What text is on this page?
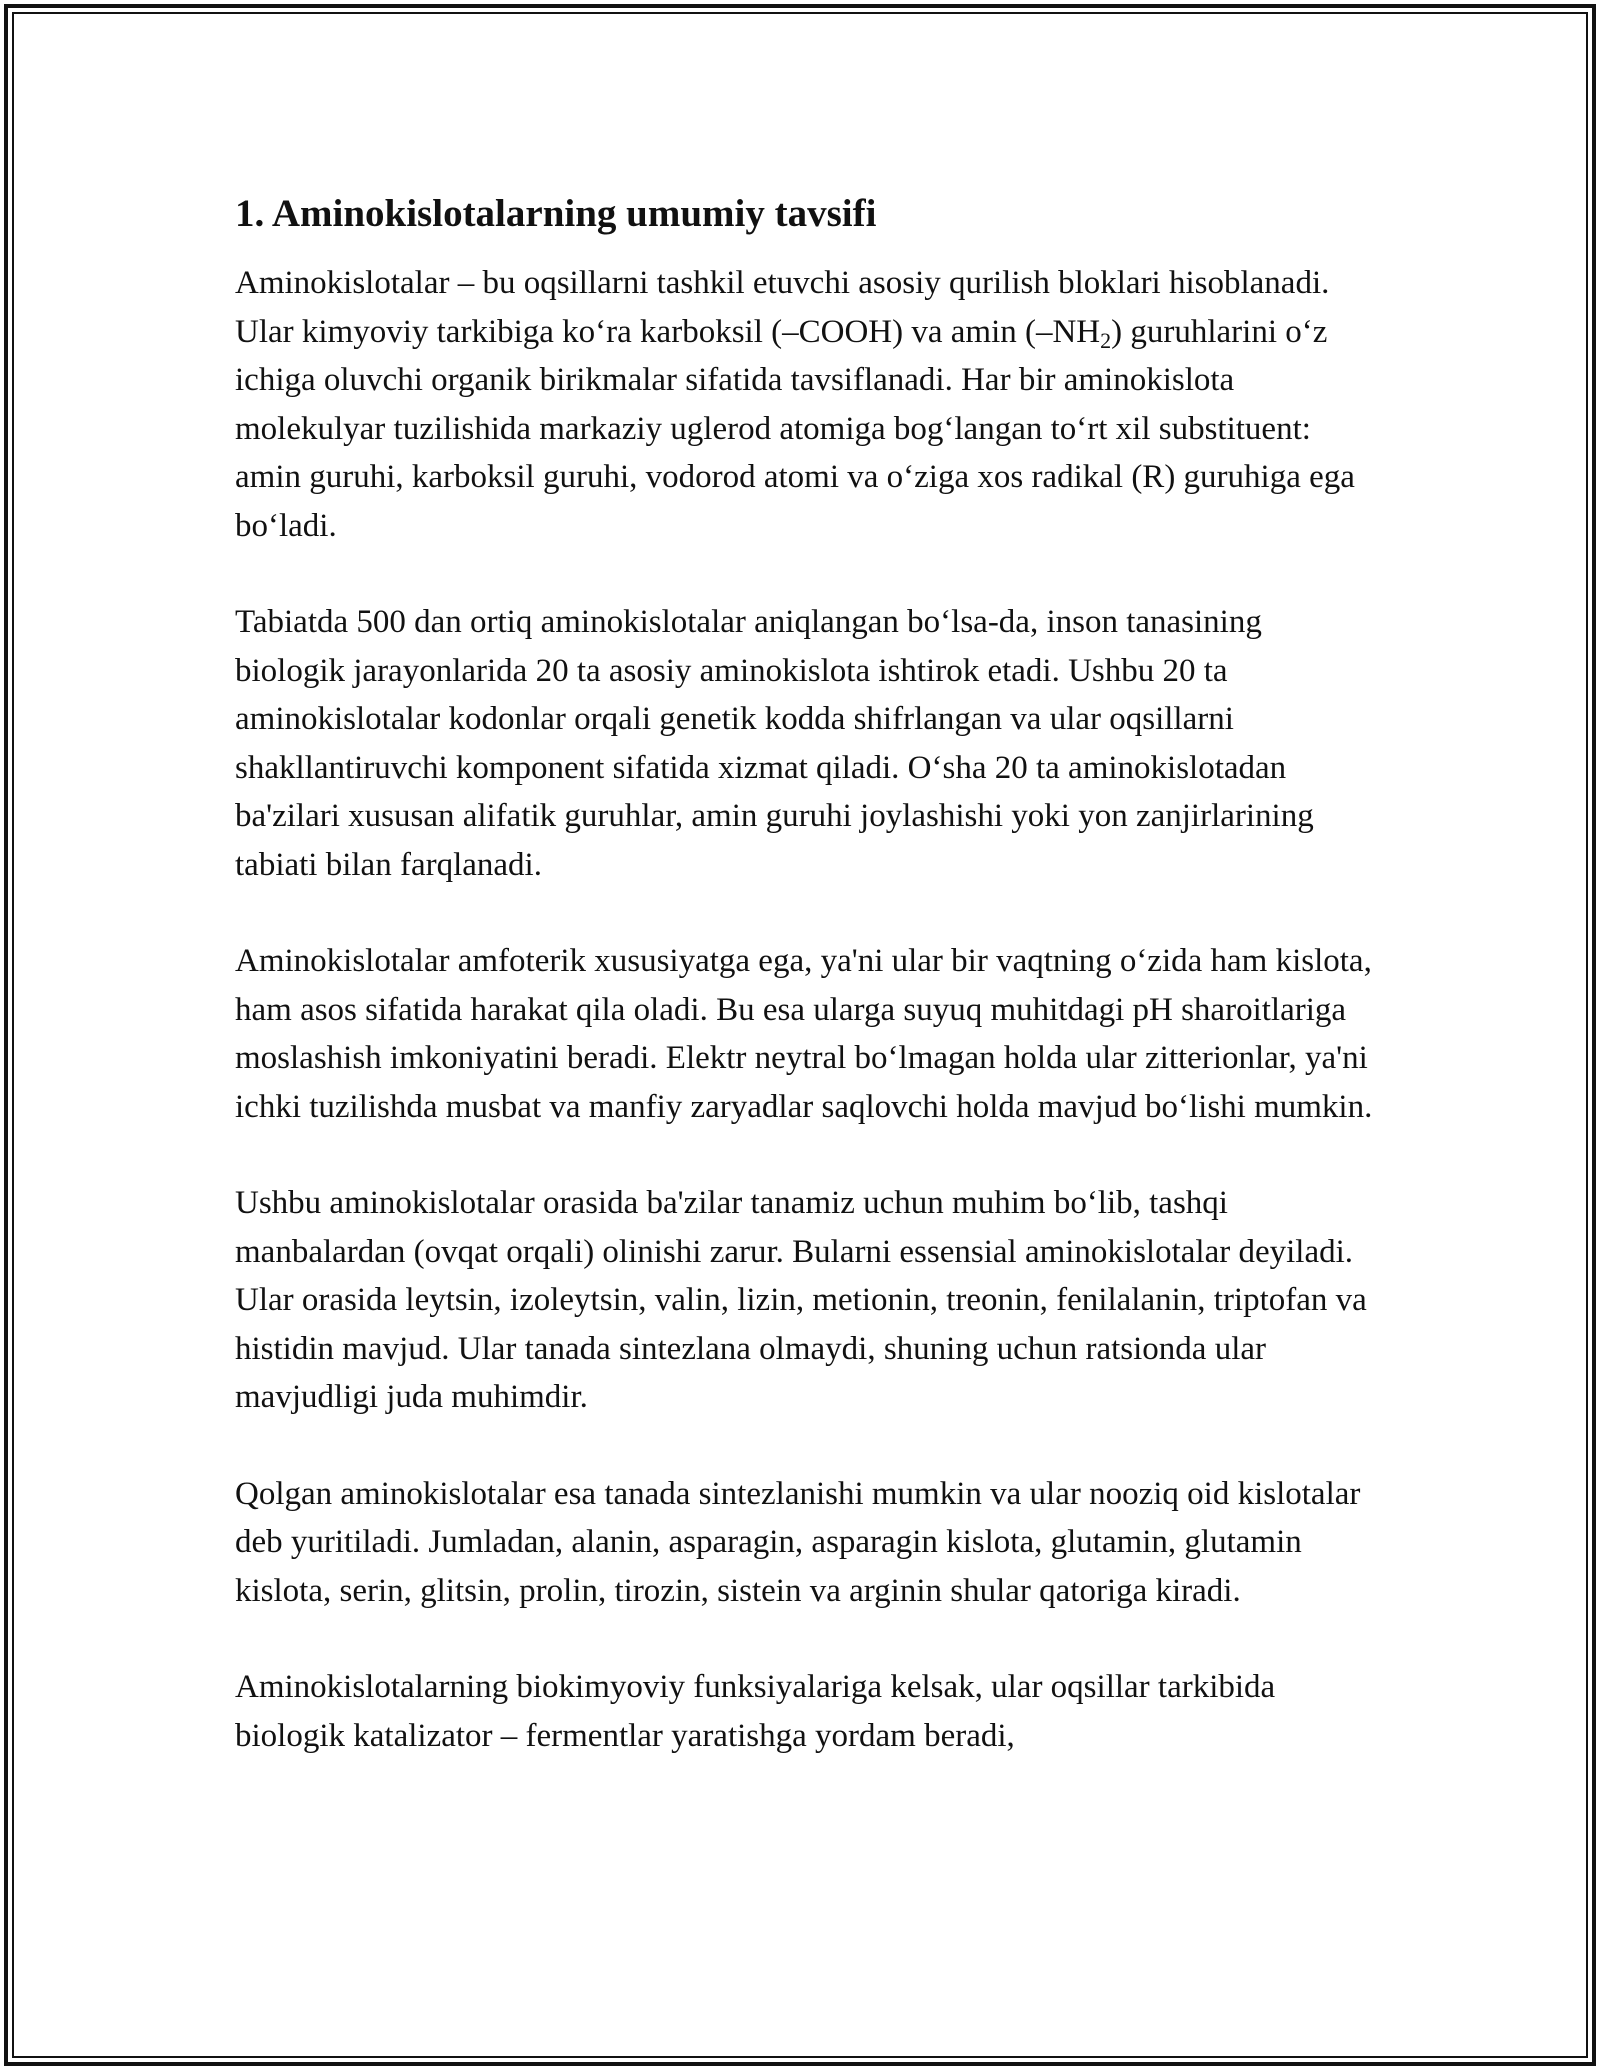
1. Aminokislotalarning umumiy tavsifi

Aminokislotalar – bu oqsillarni tashkil etuvchi asosiy qurilish bloklari hisoblanadi. Ular kimyoviy tarkibiga koʻra karboksil (–COOH) va amin $(-NH_2)$ guruhlarini oʻz ichiga oluvchi organik birikmalar sifatida tavsiflanadi. Har bir aminokislota molekulyar tuzilishida markaziy uglerod atomiga bogʻlangan toʻrt xil substituent: amin guruhi, karboksil guruhi, vodorod atomi va oʻziga xos radikal (R) guruhiga ega boʻladi.

Tabiatda 500 dan ortiq aminokislotalar aniqlangan boʻlsa-da, inson tanasining biologik jarayonlarida 20 ta asosiy aminokislota ishtirok etadi. Ushbu 20 ta aminokislotalar kodonlar orqali genetik kodda shifrlangan va ular oqsillarni shakllantiruvchi komponent sifatida xizmat qiladi. Oʻsha 20 ta aminokislotadan ba'zilari xususan alifatik guruhlar, amin guruhi joylashishi yoki yon zanjirlarining tabiati bilan farqlanadi.

Aminokislotalar amfoterik xususiyatga ega, ya'ni ular bir vaqtning oʻzida ham kislota, ham asos sifatida harakat qila oladi. Bu esa ularga suyuq muhitdagi pH sharoitlariga moslashish imkoniyatini beradi. Elektr neytral boʻlmagan holda ular zitterionlar, ya'ni ichki tuzilishda musbat va manfiy zaryadlar saqlovchi holda mavjud boʻlishi mumkin.

Ushbu aminokislotalar orasida ba'zilar tanamiz uchun muhim boʻlib, tashqi manbalardan (ovqat orqali) olinishi zarur. Bularni essensial aminokislotalar deyiladi. Ular orasida leytsin, izoleytsin, valin, lizin, metionin, treonin, fenilalanin, triptofan va histidin mavjud. Ular tanada sintezlana olmaydi, shuning uchun ratsionda ular mavjudligi juda muhimdir.

Qolgan aminokislotalar esa tanada sintezlanishi mumkin va ular nooziq oid kislotalar deb yuritiladi. Jumladan, alanin, asparagin, asparagin kislota, glutamin, glutamin kislota, serin, glitsin, prolin, tirozin, sistein va arginin shular qatoriga kiradi.

Aminokislotalarning biokimyoviy funksiyalariga kelsak, ular oqsillar tarkibida biologik katalizator – fermentlar yaratishga yordam beradi,
